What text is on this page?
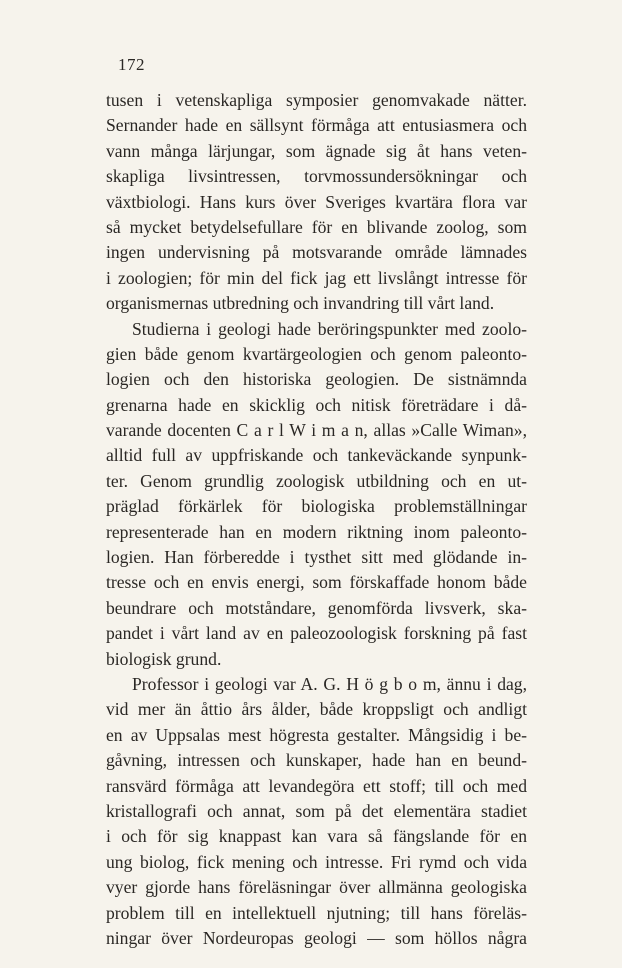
172
tusen i vetenskapliga symposier genomvakade nätter.
Sernander hade en sällsynt förmåga att entusiasmera och
vann många lärjungar, som ägnade sig åt hans veten-
skapliga livsintressen, torvmossundersökningar och
växtbiologi. Hans kurs över Sveriges kvartära flora var
så mycket betydelsefullare för en blivande zoolog, som
ingen undervisning på motsvarande område lämnades
i zoologien; för min del fick jag ett livslångt intresse för
organismernas utbredning och invandring till vårt land.
Studierna i geologi hade beröringspunkter med zoolo-
gien både genom kvartärgeologien och genom paleonto-
logien och den historiska geologien. De sistnämnda
grenarna hade en skicklig och nitisk företrädare i då-
varande docenten C a r l W i m a n, allas »Calle Wiman»,
alltid full av uppfriskande och tankeväckande synpunk-
ter. Genom grundlig zoologisk utbildning och en ut-
präglad förkärlek för biologiska problemställningar
representerade han en modern riktning inom paleonto-
logien. Han förberedde i tysthet sitt med glödande in-
tresse och en envis energi, som förskaffade honom både
beundrare och motståndare, genomförda livsverk, ska-
pandet i vårt land av en paleozoologisk forskning på fast
biologisk grund.
Professor i geologi var A. G. H ö g b o m, ännu i dag,
vid mer än åttio års ålder, både kroppsligt och andligt
en av Uppsalas mest högresta gestalter. Mångsidig i be-
gåvning, intressen och kunskaper, hade han en beund-
ransvärd förmåga att levandegöra ett stoff; till och med
kristallografi och annat, som på det elementära stadiet
i och för sig knappast kan vara så fängslande för en
ung biolog, fick mening och intresse. Fri rymd och vida
vyer gjorde hans föreläsningar över allmänna geologiska
problem till en intellektuell njutning; till hans föreläs-
ningar över Nordeuropas geologi — som höllos några
